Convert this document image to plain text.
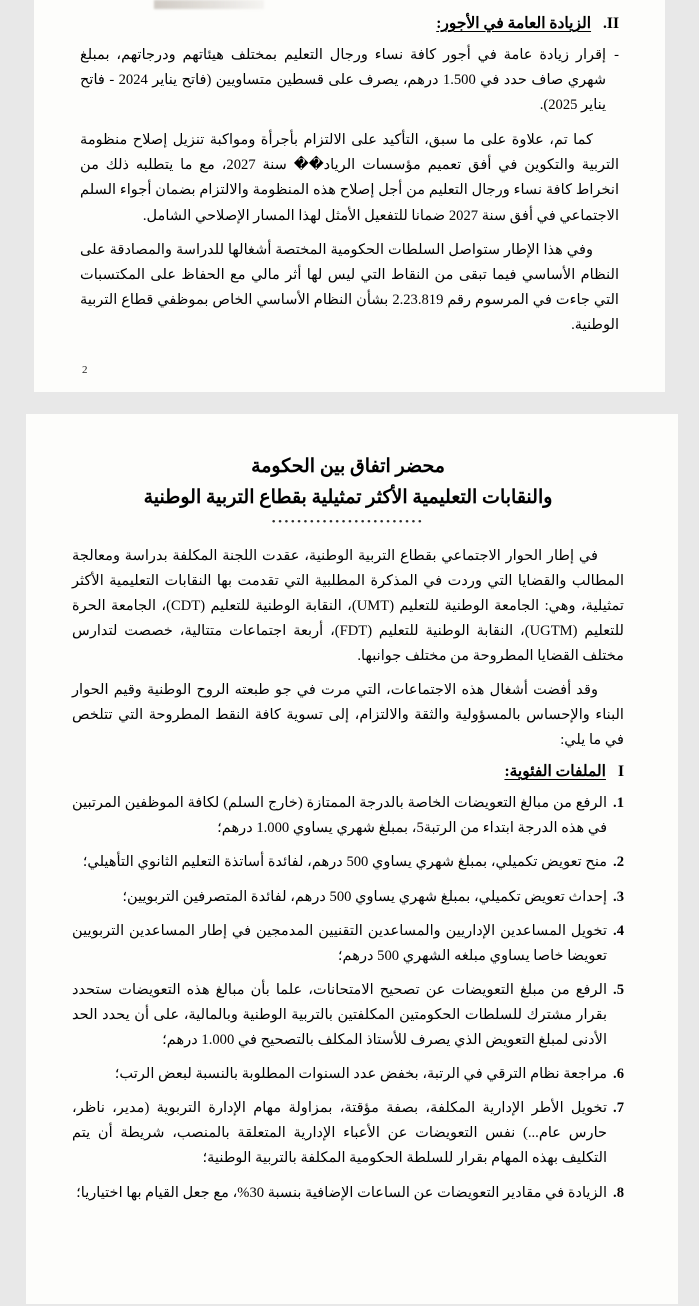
II.الزيادة العامة في الأجور:
-
إقرار زيادة عامة في أجور كافة نساء ورجال التعليم بمختلف هيئاتهم ودرجاتهم، بمبلغ شهري صاف حدد في 1.500 درهم، يصرف على قسطين متساويين (فاتح يناير 2024 - فاتح يناير 2025).

كما تم، علاوة على ما سبق، التأكيد على الالتزام بأجرأة ومواكبة تنزيل إصلاح منظومة التربية والتكوين في أفق تعميم مؤسسات الرياد�� سنة 2027، مع ما يتطلبه ذلك من انخراط كافة نساء ورجال التعليم من أجل إصلاح هذه المنظومة والالتزام بضمان أجواء السلم الاجتماعي في أفق سنة 2027 ضمانا للتفعيل الأمثل لهذا المسار الإصلاحي الشامل.

وفي هذا الإطار ستواصل السلطات الحكومية المختصة أشغالها للدراسة والمصادقة على النظام الأساسي فيما تبقى من النقاط التي ليس لها أثر مالي مع الحفاظ على المكتسبات التي جاءت في المرسوم رقم 2.23.819 بشأن النظام الأساسي الخاص بموظفي قطاع التربية الوطنية.

2
محضر اتفاق بين الحكومة
والنقابات التعليمية الأكثر تمثيلية بقطاع التربية الوطنية
••••••••••••••••••••••••

في إطار الحوار الاجتماعي بقطاع التربية الوطنية، عقدت اللجنة المكلفة بدراسة ومعالجة المطالب والقضايا التي وردت في المذكرة المطلبية التي تقدمت بها النقابات التعليمية الأكثر تمثيلية، وهي: الجامعة الوطنية للتعليم (UMT)، النقابة الوطنية للتعليم (CDT)، الجامعة الحرة للتعليم (UGTM)، النقابة الوطنية للتعليم (FDT)، أربعة اجتماعات متتالية، خصصت لتدارس مختلف القضايا المطروحة من مختلف جوانبها.

وقد أفضت أشغال هذه الاجتماعات، التي مرت في جو طبعته الروح الوطنية وقيم الحوار البناء والإحساس بالمسؤولية والثقة والالتزام، إلى تسوية كافة النقط المطروحة التي تتلخص في ما يلي:

Iالملفات الفئوية:
1.
الرفع من مبالغ التعويضات الخاصة بالدرجة الممتازة (خارج السلم) لكافة الموظفين المرتبين في هذه الدرجة ابتداء من الرتبة5، بمبلغ شهري يساوي 1.000 درهم؛
2.
منح تعويض تكميلي، بمبلغ شهري يساوي 500 درهم، لفائدة أساتذة التعليم الثانوي التأهيلي؛
3.
إحداث تعويض تكميلي، بمبلغ شهري يساوي 500 درهم، لفائدة المتصرفين التربويين؛
4.
تخويل المساعدين الإداريين والمساعدين التقنيين المدمجين في إطار المساعدين التربويين تعويضا خاصا يساوي مبلغه الشهري 500 درهم؛
5.
الرفع من مبلغ التعويضات عن تصحيح الامتحانات، علما بأن مبالغ هذه التعويضات ستحدد بقرار مشترك للسلطات الحكومتين المكلفتين بالتربية الوطنية وبالمالية، على أن يحدد الحد الأدنى لمبلغ التعويض الذي يصرف للأستاذ المكلف بالتصحيح في 1.000 درهم؛
6.
مراجعة نظام الترقي في الرتبة، بخفض عدد السنوات المطلوبة بالنسبة لبعض الرتب؛
7.
تخويل الأطر الإدارية المكلفة، بصفة مؤقتة، بمزاولة مهام الإدارة التربوية (مدير، ناظر، حارس عام...) نفس التعويضات عن الأعباء الإدارية المتعلقة بالمنصب، شريطة أن يتم التكليف بهذه المهام بقرار للسلطة الحكومية المكلفة بالتربية الوطنية؛
8.
الزيادة في مقادير التعويضات عن الساعات الإضافية بنسبة 30%، مع جعل القيام بها اختياريا؛
